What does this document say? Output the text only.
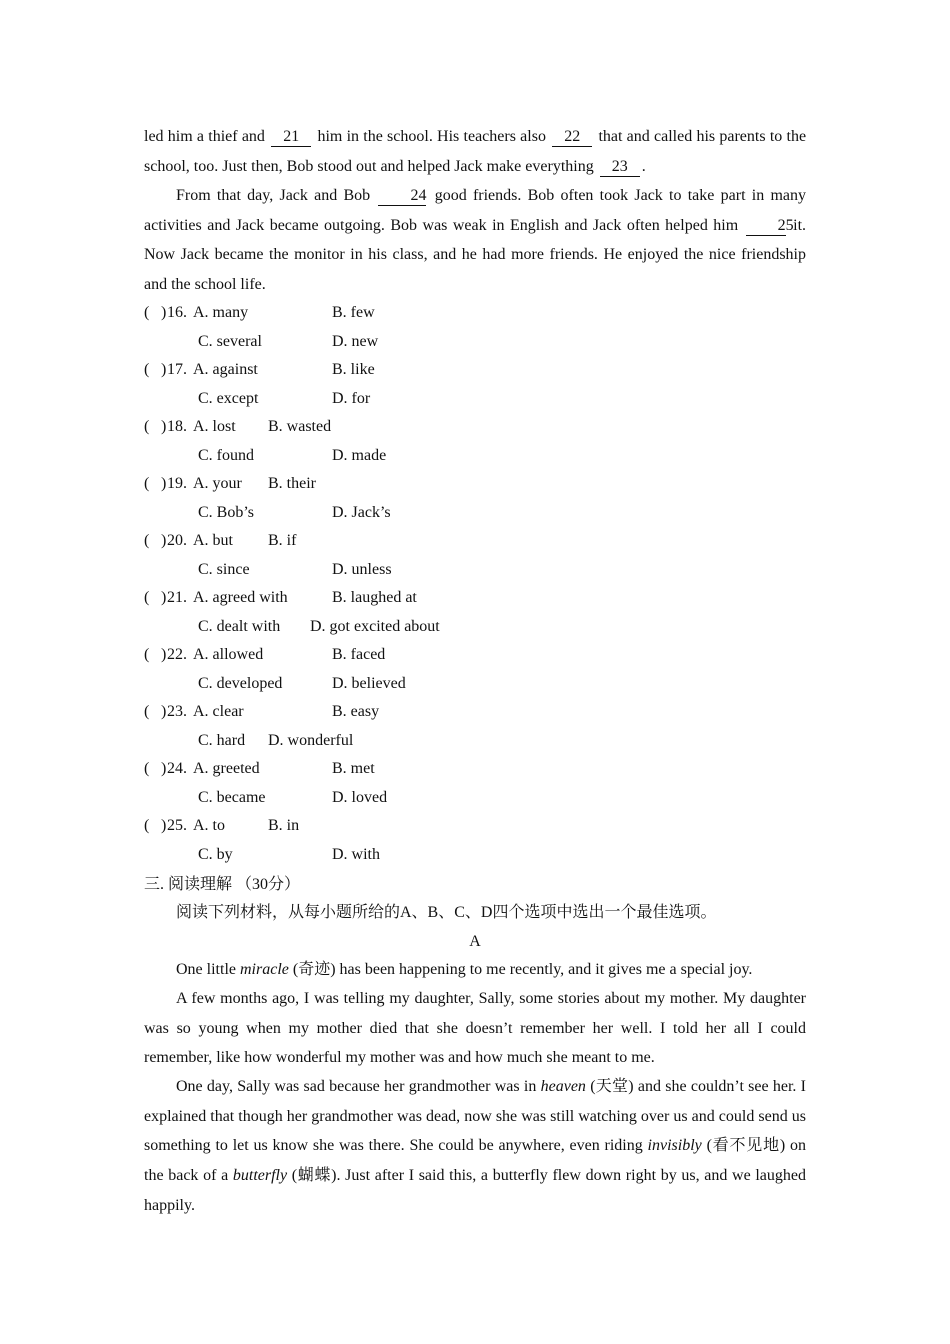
led him a thief and 21 him in the school. His teachers also 22 that and called his parents to the school, too. Just then, Bob stood out and helped Jack make everything 23 .

From that day, Jack and Bob	24 good friends. Bob often took Jack to take part in many activities and Jack became outgoing. Bob was weak in English and Jack often helped him 25 it. Now Jack became the monitor in his class, and he had more friends. He enjoyed the nice friendship and the school life.

( ) 16. A. many	B. few
C. several	D. new
( ) 17. A. against	B. like
C. except	D. for
( ) 18. A. lost B. wasted
C. found	D. made
( ) 19. A. your B. their
C. Bob’s	D. Jack’s
( ) 20. A. but B. if
C. since	D. unless
( ) 21. A. agreed with	B. laughed at
C. dealt with D. got excited about
( ) 22. A. allowed	B. faced
C. developed	D. believed
( ) 23. A. clear	B. easy
C. hard D. wonderful
( ) 24. A. greeted	B. met
C. became	D. loved
( ) 25. A. to	B. in
C. by	D. with
三. 阅读理解 （30分）
阅读下列材料，从每小题所给的A、B、C、D四个选项中选出一个最佳选项。
A

One little miracle (奇迹) has been happening to me recently, and it gives me a special joy.

A few months ago, I was telling my daughter, Sally, some stories about my mother. My daughter was so young when my mother died that she doesn’t remember her well. I told her all I could remember, like how wonderful my mother was and how much she meant to me.

One day, Sally was sad because her grandmother was in heaven (天堂) and she couldn’t see her. I explained that though her grandmother was dead, now she was still watching over us and could send us something to let us know she was there. She could be anywhere, even riding invisibly (看不见地) on the back of a butterfly (蝴蝶). Just after I said this, a butterfly flew down right by us, and we laughed happily.
